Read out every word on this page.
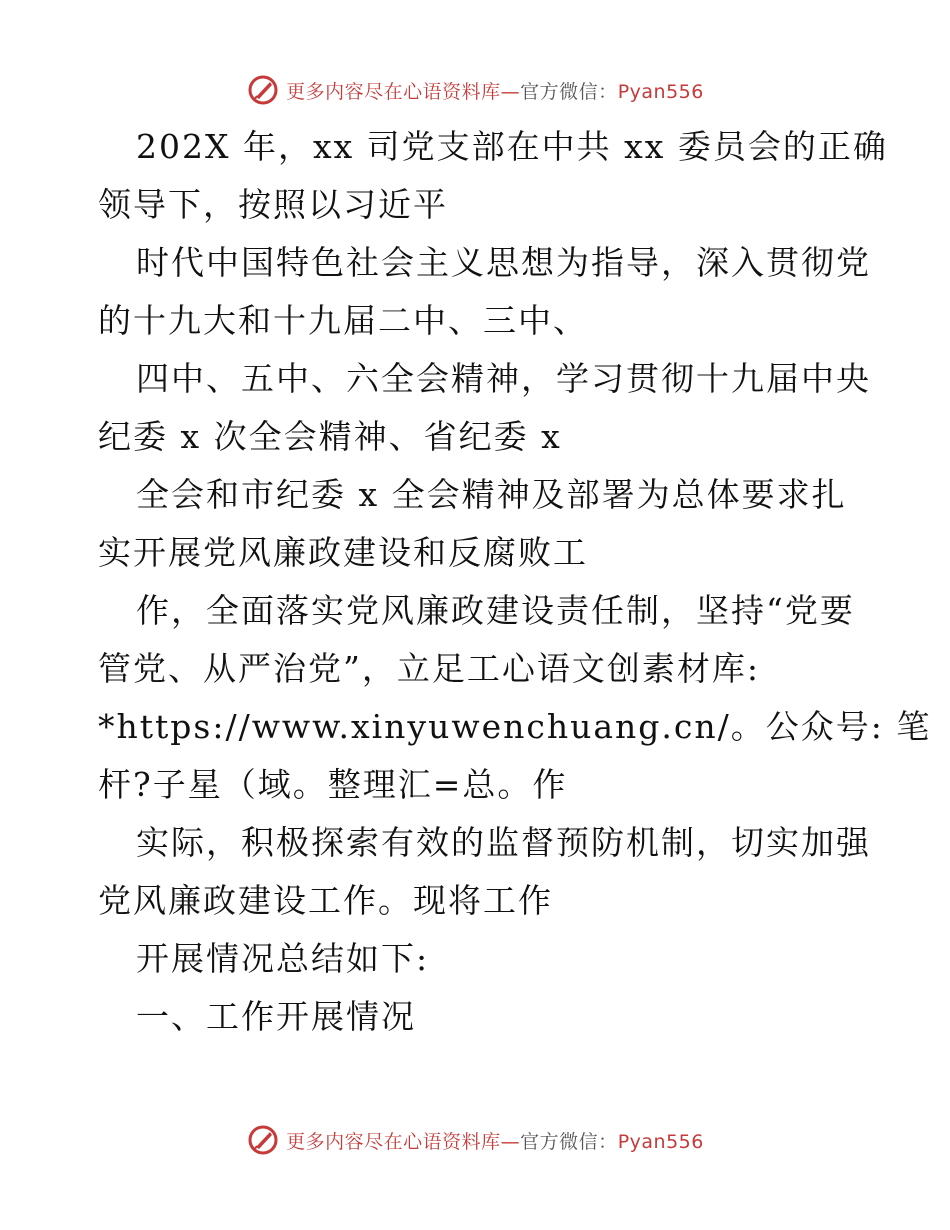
更多内容尽在心语资料库—官方微信：Pyan556
202X 年，xx 司党支部在中共 xx 委员会的正确
领导下，按照以习近平
时代中国特色社会主义思想为指导，深入贯彻党
的十九大和十九届二中、三中、
四中、五中、六全会精神，学习贯彻十九届中央
纪委 x 次全会精神、省纪委 x
全会和市纪委 x 全会精神及部署为总体要求扎
实开展党风廉政建设和反腐败工
作，全面落实党风廉政建设责任制，坚持“党要
管党、从严治党”，立足工心语文创素材库:
*https://www.xinyuwenchuang.cn/。公众号: 笔
杆?子星（域。整理汇=总。作
实际，积极探索有效的监督预防机制，切实加强
党风廉政建设工作。现将工作
开展情况总结如下:
一、工作开展情况
更多内容尽在心语资料库—官方微信：Pyan556
